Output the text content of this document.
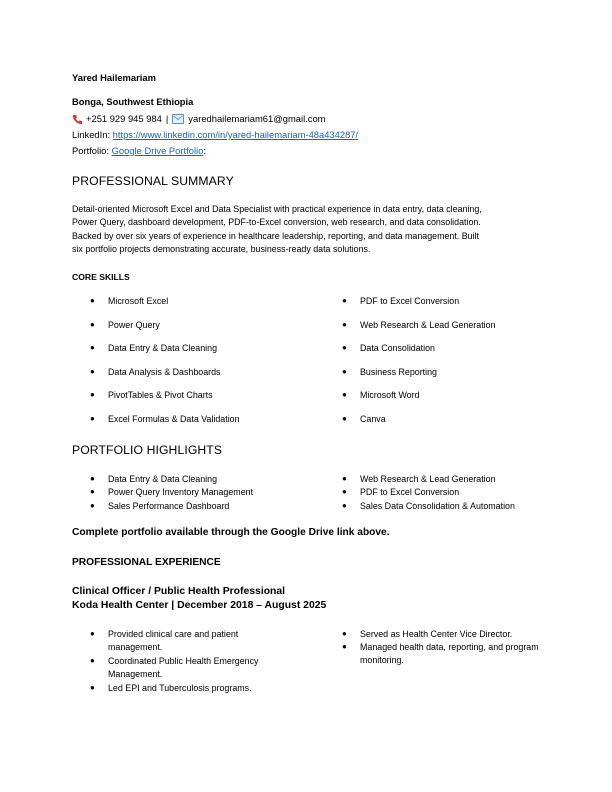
Yared Hailemariam
Bonga, Southwest Ethiopia
+251 929 945 984 | yaredhailemariam61@gmail.com
LinkedIn: https://www.linkedin.com/in/yared-hailemariam-48a434287/
Portfolio: Google Drive Portfolio:
PROFESSIONAL SUMMARY
Detail-oriented Microsoft Excel and Data Specialist with practical experience in data entry, data cleaning,
Power Query, dashboard development, PDF-to-Excel conversion, web research, and data consolidation.
Backed by over six years of experience in healthcare leadership, reporting, and data management. Built
six portfolio projects demonstrating accurate, business-ready data solutions.
CORE SKILLS
● Microsoft Excel
● Power Query
● Data Entry & Data Cleaning
● Data Analysis & Dashboards
● PivotTables & Pivot Charts
● Excel Formulas & Data Validation
● PDF to Excel Conversion
● Web Research & Lead Generation
● Data Consolidation
● Business Reporting
● Microsoft Word
● Canva
PORTFOLIO HIGHLIGHTS
● Data Entry & Data Cleaning
● Power Query Inventory Management
● Sales Performance Dashboard
● Web Research & Lead Generation
● PDF to Excel Conversion
● Sales Data Consolidation & Automation
Complete portfolio available through the Google Drive link above.
PROFESSIONAL EXPERIENCE
Clinical Officer / Public Health Professional
Koda Health Center | December 2018 – August 2025
● Provided clinical care and patient management.
● Coordinated Public Health Emergency Management.
● Led EPI and Tuberculosis programs.
● Served as Health Center Vice Director.
● Managed health data, reporting, and program monitoring.
